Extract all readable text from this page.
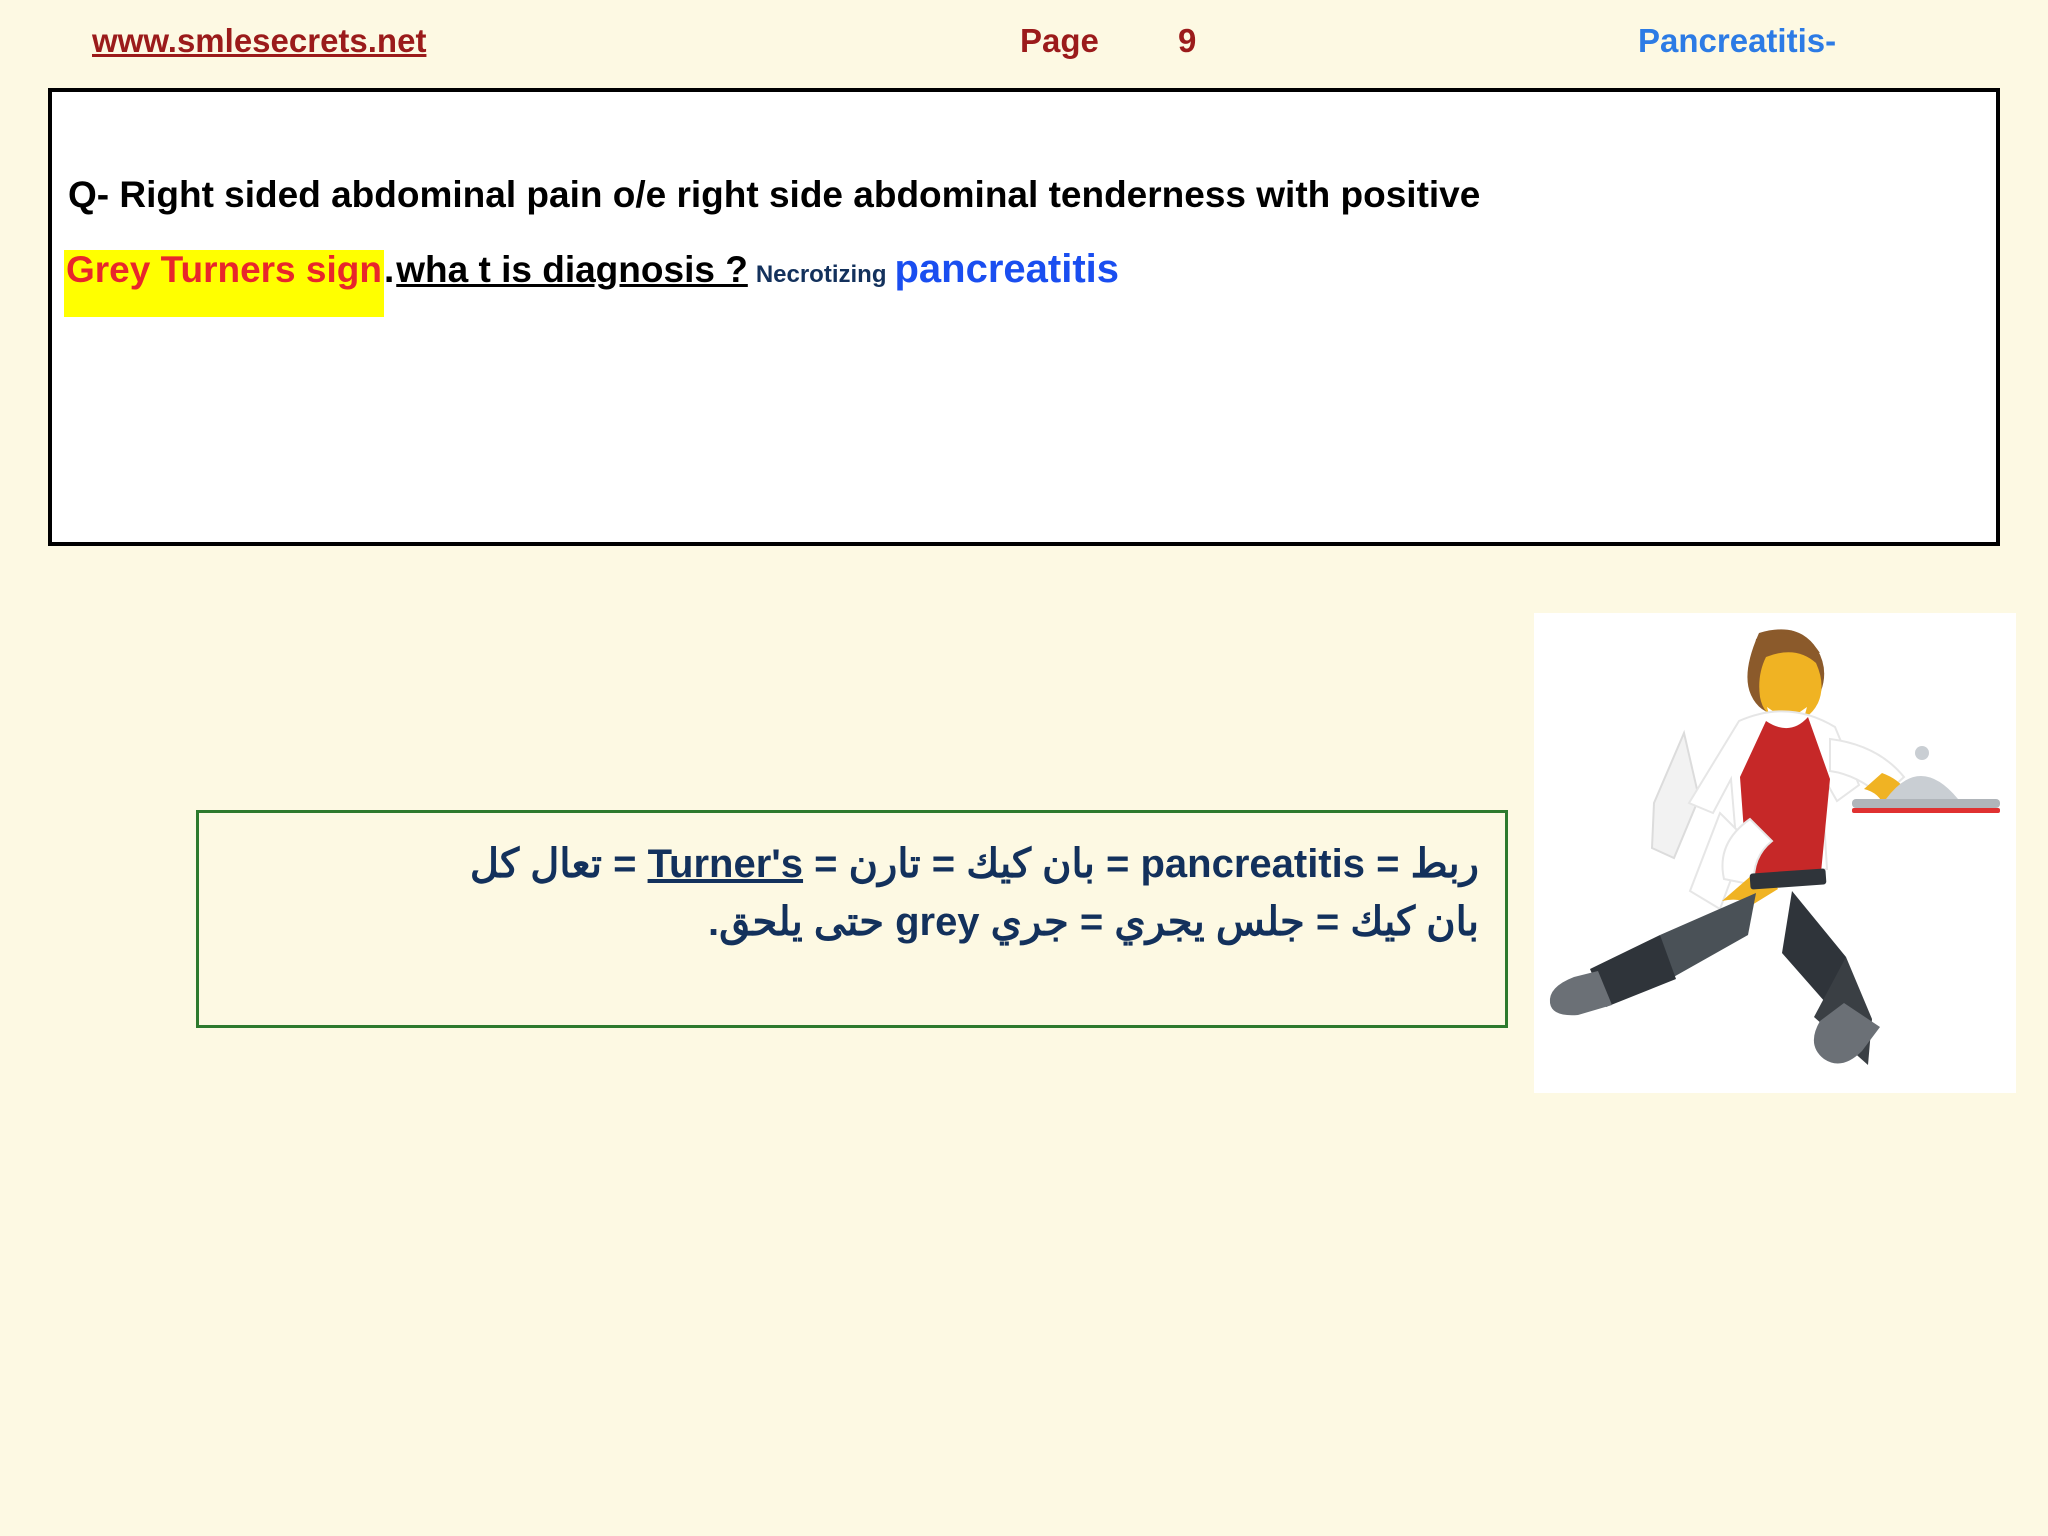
www.smlesecrets.net	Page 9	Pancreatitis-
Q- Right sided abdominal pain o/e right side abdominal tenderness with positive
Grey Turners sign . wha t is diagnosis ? Necrotizing pancreatitis
ربط = pancreatitis = بان كيك = تارن = Turner's = تعال كل
بان كيك = جلس يجري = جري grey حتى يلحق.
